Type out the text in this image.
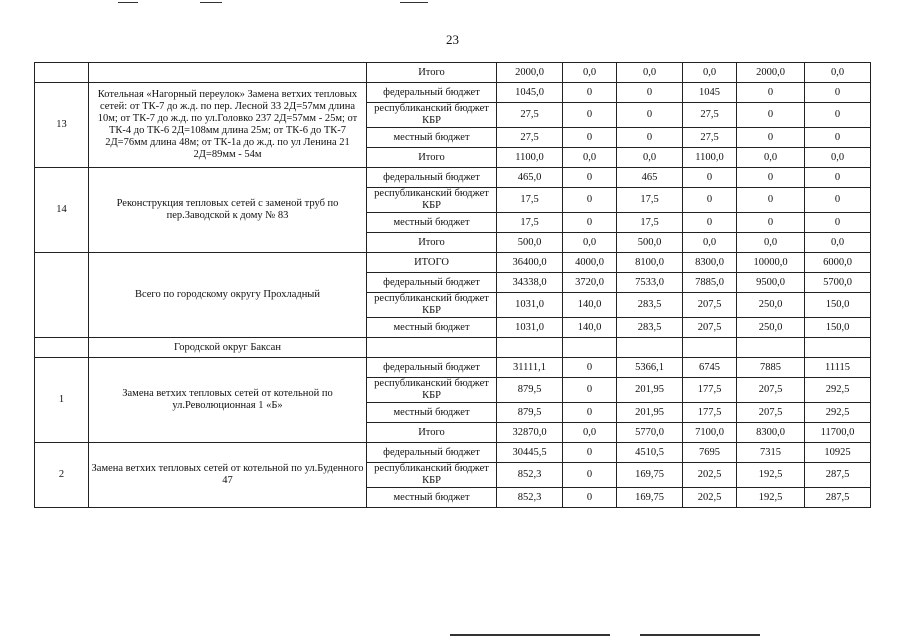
23
		Итого	2000,0	0,0	0,0	0,0	2000,0	0,0
13	Котельная «Нагорный переулок» Замена ветхих тепловых сетей: от ТК-7 до ж.д. по пер. Лесной 33 2Д=57мм длина 10м; от ТК-7 до ж.д. по ул.Головко 237 2Д=57мм - 25м; от ТК-4 до ТК-6 2Д=108мм длина 25м; от ТК-6 до ТК-7 2Д=76мм длина 48м; от ТК-1а до ж.д. по ул Ленина 21 2Д=89мм - 54м	федеральный бюджет	1045,0	0	0	1045	0	0
		республиканский бюджет КБР	27,5	0	0	27,5	0	0
		местный бюджет	27,5	0	0	27,5	0	0
		Итого	1100,0	0,0	0,0	1100,0	0,0	0,0
14	Реконструкция тепловых сетей с заменой труб по пер.Заводской к дому № 83	федеральный бюджет	465,0	0	465	0	0	0
		республиканский бюджет КБР	17,5	0	17,5	0	0	0
		местный бюджет	17,5	0	17,5	0	0	0
		Итого	500,0	0,0	500,0	0,0	0,0	0,0
	Всего по городскому округу Прохладный	ИТОГО	36400,0	4000,0	8100,0	8300,0	10000,0	6000,0
		федеральный бюджет	34338,0	3720,0	7533,0	7885,0	9500,0	5700,0
		республиканский бюджет КБР	1031,0	140,0	283,5	207,5	250,0	150,0
		местный бюджет	1031,0	140,0	283,5	207,5	250,0	150,0
	Городской округ Баксан							
1	Замена ветхих тепловых сетей от котельной по ул.Революционная 1 «Б»	федеральный бюджет	31111,1	0	5366,1	6745	7885	11115
		республиканский бюджет КБР	879,5	0	201,95	177,5	207,5	292,5
		местный бюджет	879,5	0	201,95	177,5	207,5	292,5
		Итого	32870,0	0,0	5770,0	7100,0	8300,0	11700,0
2	Замена ветхих тепловых сетей от котельной по ул.Буденного 47	федеральный бюджет	30445,5	0	4510,5	7695	7315	10925
		республиканский бюджет КБР	852,3	0	169,75	202,5	192,5	287,5
		местный бюджет	852,3	0	169,75	202,5	192,5	287,5
